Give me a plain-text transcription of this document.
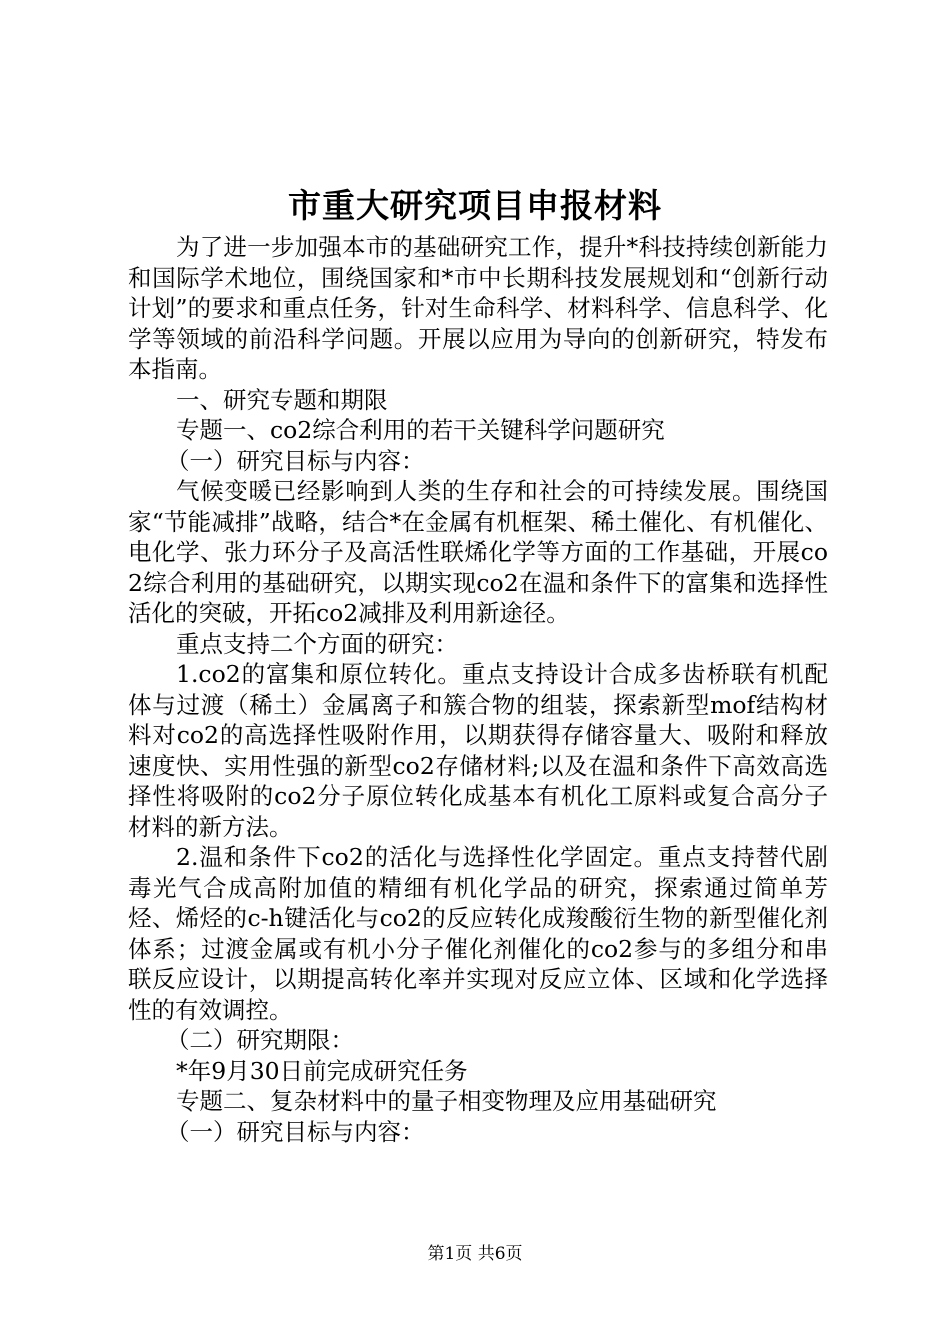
市重大研究项目申报材料

为了进一步加强本市的基础研究工作，提升*科技持续创新能力和国际学术地位，围绕国家和*市中长期科技发展规划和“创新行动计划”的要求和重点任务，针对生命科学、材料科学、信息科学、化学等领域的前沿科学问题。开展以应用为导向的创新研究，特发布本指南。

一、研究专题和期限

专题一、co2综合利用的若干关键科学问题研究

（一）研究目标与内容：

气候变暖已经影响到人类的生存和社会的可持续发展。围绕国家“节能减排”战略，结合*在金属有机框架、稀土催化、有机催化、电化学、张力环分子及高活性联烯化学等方面的工作基础，开展co2综合利用的基础研究，以期实现co2在温和条件下的富集和选择性活化的突破，开拓co2减排及利用新途径。

重点支持二个方面的研究：

1.co2的富集和原位转化。重点支持设计合成多齿桥联有机配体与过渡（稀土）金属离子和簇合物的组装，探索新型mof结构材料对co2的高选择性吸附作用，以期获得存储容量大、吸附和释放速度快、实用性强的新型co2存储材料;以及在温和条件下高效高选择性将吸附的co2分子原位转化成基本有机化工原料或复合高分子材料的新方法。

2.温和条件下co2的活化与选择性化学固定。重点支持替代剧毒光气合成高附加值的精细有机化学品的研究，探索通过简单芳烃、烯烃的c-h键活化与co2的反应转化成羧酸衍生物的新型催化剂体系；过渡金属或有机小分子催化剂催化的co2参与的多组分和串联反应设计，以期提高转化率并实现对反应立体、区域和化学选择性的有效调控。

（二）研究期限：

*年9月30日前完成研究任务

专题二、复杂材料中的量子相变物理及应用基础研究

（一）研究目标与内容：

第1页 共6页
